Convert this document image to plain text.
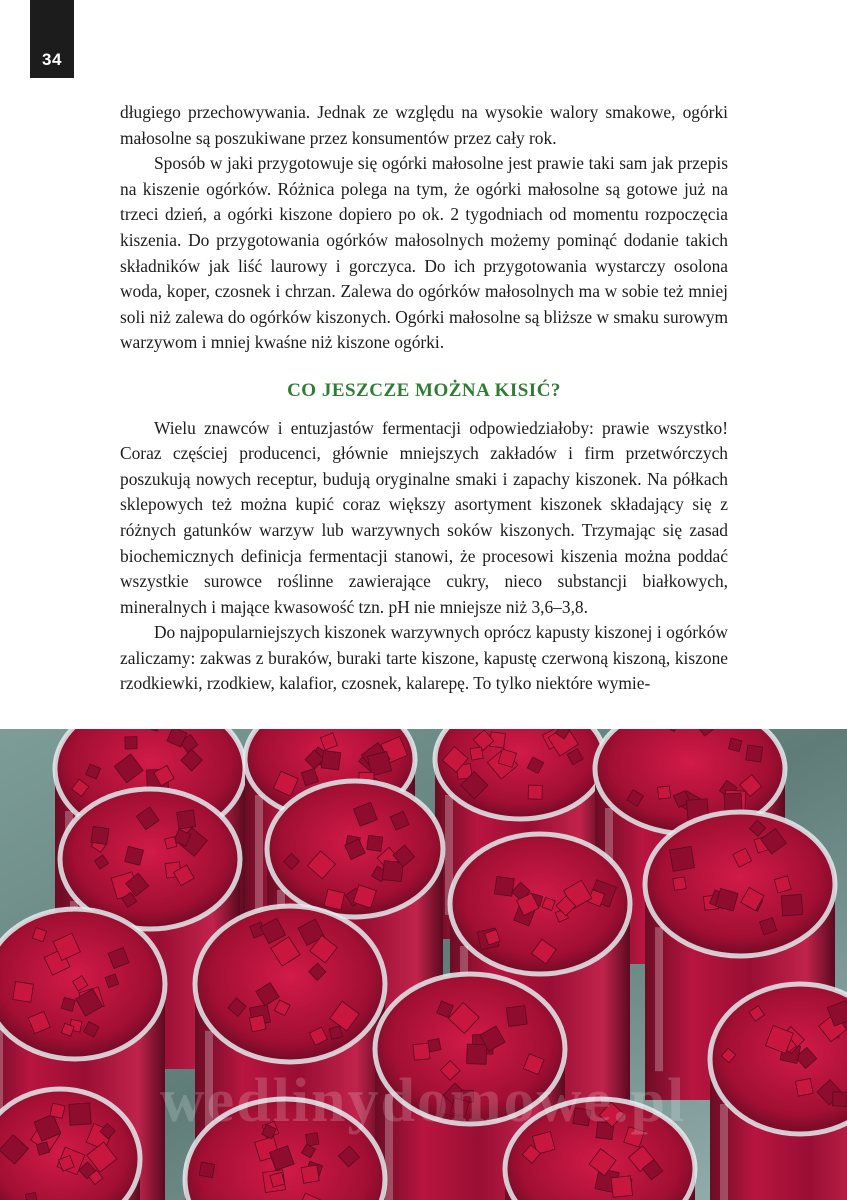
34

długiego przechowywania. Jednak ze względu na wysokie walory smakowe, ogórki małosolne są poszukiwane przez konsumentów przez cały rok.

Sposób w jaki przygotowuje się ogórki małosolne jest prawie taki sam jak przepis na kiszenie ogórków. Różnica polega na tym, że ogórki małosolne są gotowe już na trzeci dzień, a ogórki kiszone dopiero po ok. 2 tygodniach od momentu rozpoczęcia kiszenia. Do przygotowania ogórków małosolnych możemy pominąć dodanie takich składników jak liść laurowy i gorczyca. Do ich przygotowania wystarczy osolona woda, koper, czosnek i chrzan. Zalewa do ogórków małosolnych ma w sobie też mniej soli niż zalewa do ogórków kiszonych. Ogórki małosolne są bliższe w smaku surowym warzywom i mniej kwaśne niż kiszone ogórki.

CO JESZCZE MOŻNA KISIĆ?

Wielu znawców i entuzjastów fermentacji odpowiedziałoby: prawie wszystko! Coraz częściej producenci, głównie mniejszych zakładów i firm przetwórczych poszukują nowych receptur, budują oryginalne smaki i zapachy kiszonek. Na półkach sklepowych też można kupić coraz większy asortyment kiszonek składający się z różnych gatunków warzyw lub warzywnych soków kiszonych. Trzymając się zasad biochemicznych definicja fermentacji stanowi, że procesowi kiszenia można poddać wszystkie surowce roślinne zawierające cukry, nieco substancji białkowych, mineralnych i mające kwasowość tzn. pH nie mniejsze niż 3,6–3,8.

Do najpopularniejszych kiszonek warzywnych oprócz kapusty kiszonej i ogórków zaliczamy: zakwas z buraków, buraki tarte kiszone, kapustę czerwoną kiszoną, kiszone rzodkiewki, rzodkiew, kalafior, czosnek, kalarepę. To tylko niektóre wymie-

wedlinydomowe.pl
